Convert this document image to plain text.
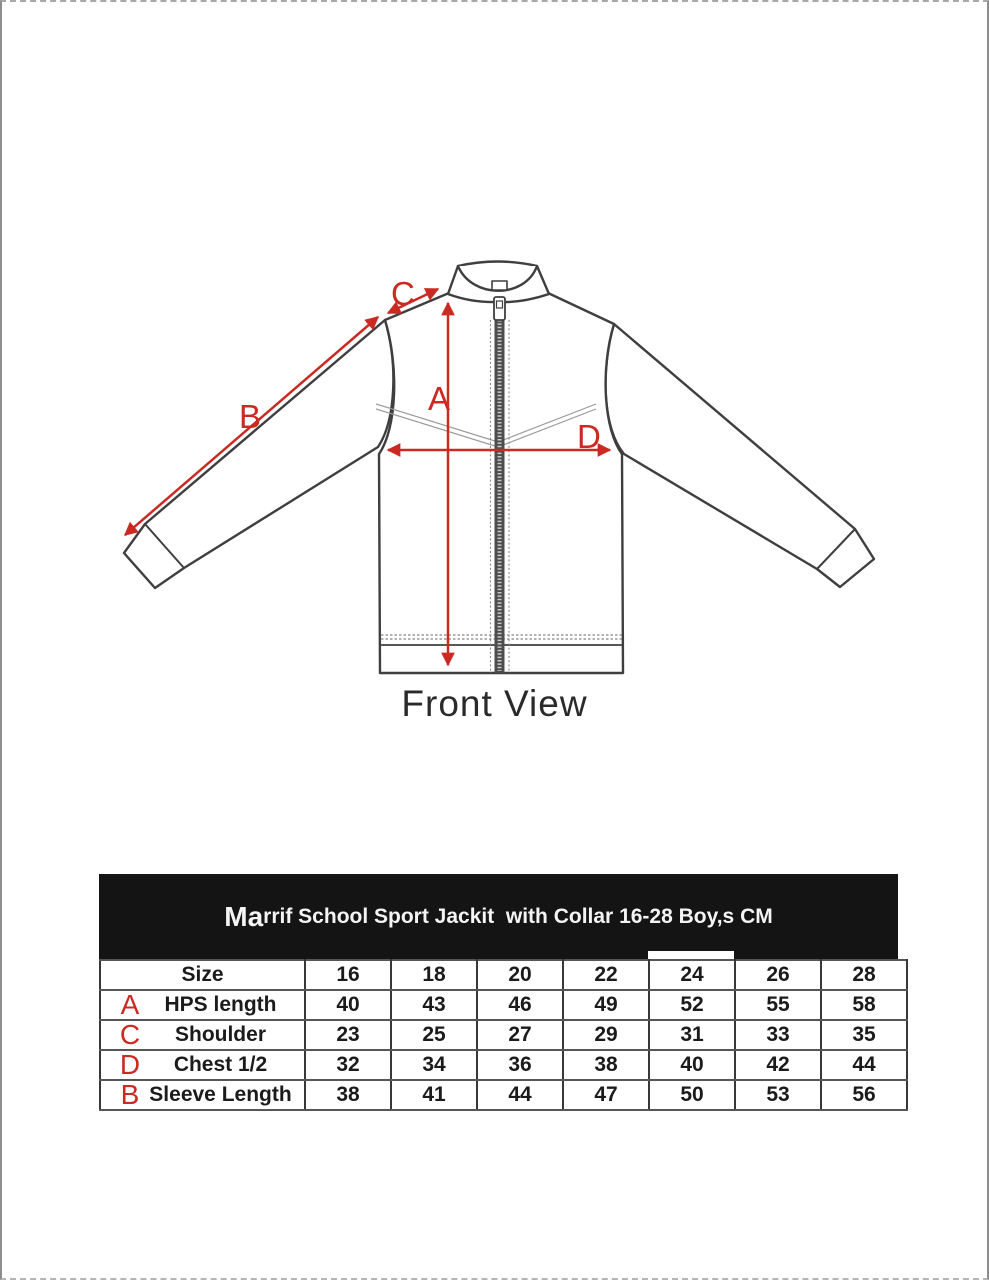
A
B
C
D
Front View
Ma rrif School Sport Jackit  with Collar 16-28 Boy,s CM
Size	16	18	20	22	24	26	28

A HPS length	40	43	46	49	52	55	58

C Shoulder	23	25	27	29	31	33	35

D Chest 1/2	32	34	36	38	40	42	44

B Sleeve Length	38	41	44	47	50	53	56
